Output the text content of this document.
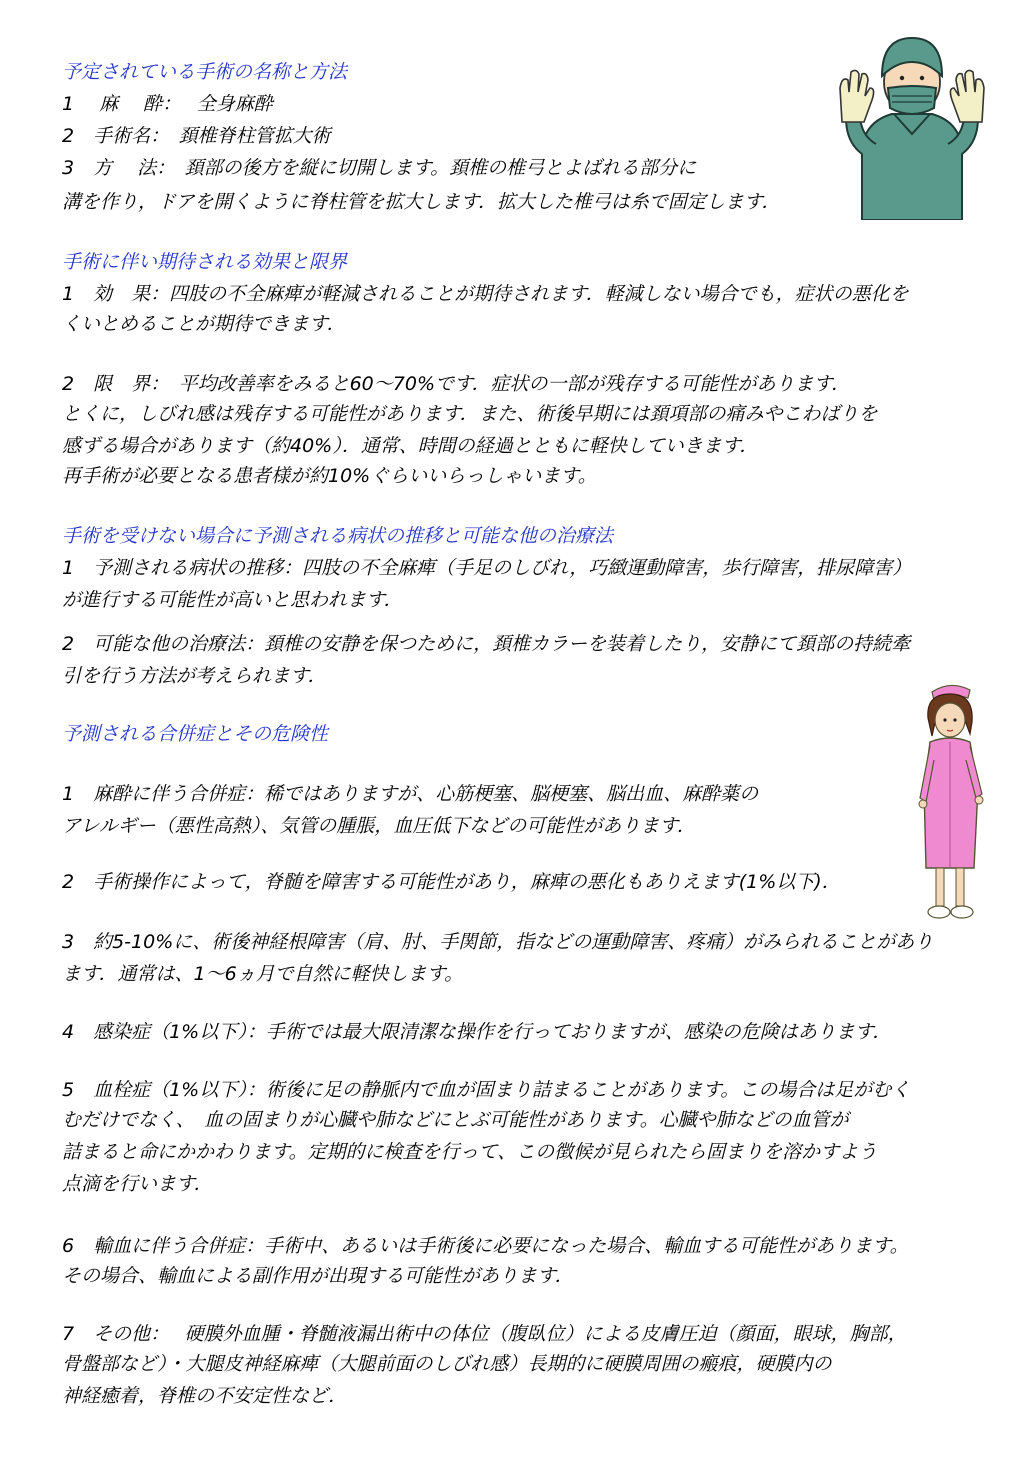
予定されている手術の名称と方法
1　 麻　 酔：　 全身麻酔
2　手術名：　頚椎脊柱管拡大術
3　方　 法：　頚部の後方を縦に切開します。頚椎の椎弓とよばれる部分に
溝を作り，ドアを開くように脊柱管を拡大します．拡大した椎弓は糸で固定します．
手術に伴い期待される効果と限界
1　効　果：四肢の不全麻痺が軽減されることが期待されます．軽減しない場合でも，症状の悪化を
くいとめることが期待できます．
2　限　界：　平均改善率をみると60～70%です．症状の一部が残存する可能性があります．
とくに，しびれ感は残存する可能性があります．また、術後早期には頚項部の痛みやこわばりを
感ずる場合があります（約40%）．通常、時間の経過とともに軽快していきます．
再手術が必要となる患者様が約10%ぐらいいらっしゃいます。
手術を受けない場合に予測される病状の推移と可能な他の治療法
1　予測される病状の推移：四肢の不全麻痺（手足のしびれ，巧緻運動障害，歩行障害，排尿障害）
が進行する可能性が高いと思われます．
2　可能な他の治療法：頚椎の安静を保つために，頚椎カラーを装着したり，安静にて頚部の持続牽
引を行う方法が考えられます．
予測される合併症とその危険性
1　麻酔に伴う合併症：稀ではありますが、心筋梗塞、脳梗塞、脳出血、麻酔薬の
アレルギー（悪性高熱）、気管の腫脹，血圧低下などの可能性があります．
2　手術操作によって，脊髄を障害する可能性があり，麻痺の悪化もありえます(1%以下)．
3　約5-10%に、術後神経根障害（肩、肘、手関節，指などの運動障害、疼痛）がみられることがあり
ます．通常は、1～6ヵ月で自然に軽快します。
4　感染症（1%以下）：手術では最大限清潔な操作を行っておりますが、感染の危険はあります．
5　血栓症（1%以下）：術後に足の静脈内で血が固まり詰まることがあります。この場合は足がむく
むだけでなく、　血の固まりが心臓や肺などにとぶ可能性があります。心臓や肺などの血管が
詰まると命にかかわります。定期的に検査を行って、この徴候が見られたら固まりを溶かすよう
点滴を行います．
6　輸血に伴う合併症：手術中、あるいは手術後に必要になった場合、輸血する可能性があります。
その場合、輸血による副作用が出現する可能性があります．
7　その他：　 硬膜外血腫・脊髄液漏出術中の体位（腹臥位）による皮膚圧迫（顔面，眼球，胸部，
骨盤部など）・大腿皮神経麻痺（大腿前面のしびれ感）長期的に硬膜周囲の瘢痕，硬膜内の
神経癒着，脊椎の不安定性など．
